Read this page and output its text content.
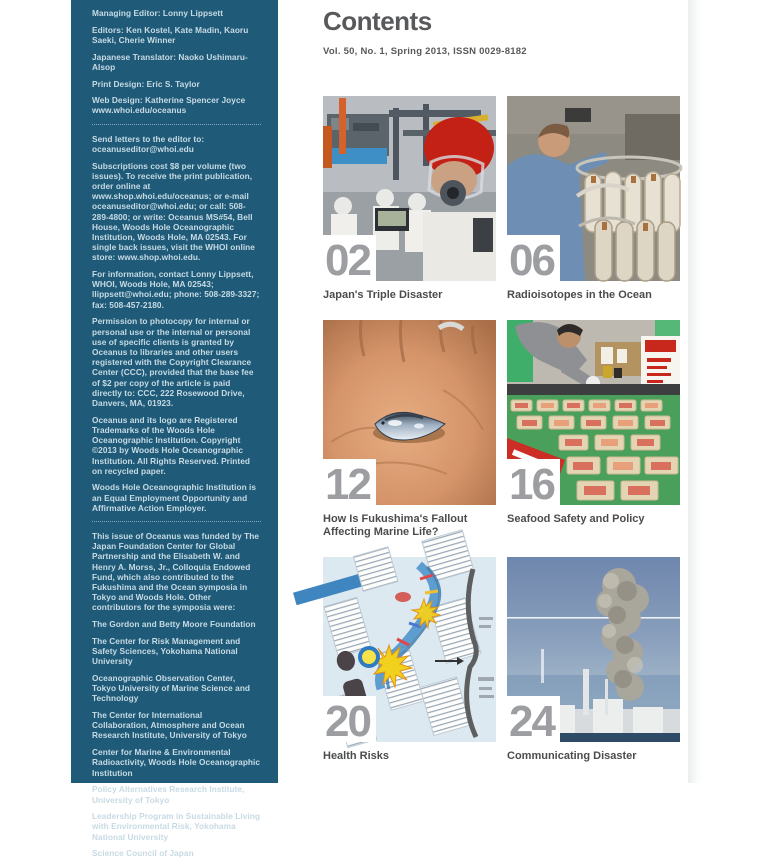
Managing Editor: Lonny Lippsett

Editors: Ken Kostel, Kate Madin, Kaoru Saeki, Cherie Winner

Japanese Translator: Naoko Ushimaru-Alsop

Print Design: Eric S. Taylor

Web Design: Katherine Spencer Joyce www.whoi.edu/oceanus

Send letters to the editor to: oceanuseditor@whoi.edu

Subscriptions cost $8 per volume (two issues). To receive the print publication, order online at www.shop.whoi.edu/oceanus; or e-mail oceanuseditor@whoi.edu; or call: 508-289-4800; or write: Oceanus MS#54, Bell House, Woods Hole Oceanographic Institution, Woods Hole, MA 02543. For single back issues, visit the WHOI online store: www.shop.whoi.edu.

For information, contact Lonny Lippsett, WHOI, Woods Hole, MA 02543; llippsett@whoi.edu; phone: 508-289-3327; fax: 508-457-2180.

Permission to photocopy for internal or personal use or the internal or personal use of specific clients is granted by Oceanus to libraries and other users registered with the Copyright Clearance Center (CCC), provided that the base fee of $2 per copy of the article is paid directly to: CCC, 222 Rosewood Drive, Danvers, MA, 01923.

Oceanus and its logo are Registered Trademarks of the Woods Hole Oceanographic Institution. Copyright ©2013 by Woods Hole Oceanographic Institution. All Rights Reserved. Printed on recycled paper.

Woods Hole Oceanographic Institution is an Equal Employment Opportunity and Affirmative Action Employer.

This issue of Oceanus was funded by The Japan Foundation Center for Global Partnership and the Elisabeth W. and Henry A. Morss, Jr., Colloquia Endowed Fund, which also contributed to the Fukushima and the Ocean symposia in Tokyo and Woods Hole. Other contributors for the symposia were:

The Gordon and Betty Moore Foundation

The Center for Risk Management and Safety Sciences, Yokohama National University

Oceanographic Observation Center, Tokyo University of Marine Science and Technology

The Center for International Collaboration, Atmosphere and Ocean Research Institute, University of Tokyo

Center for Marine & Environmental Radioactivity, Woods Hole Oceanographic Institution

Policy Alternatives Research Institute, University of Tokyo

Leadership Program in Sustainable Living with Environmental Risk, Yokohama National University

Science Council of Japan

Contents
Vol. 50, No. 1, Spring 2013, ISSN 0029-8182
02
Japan's Triple Disaster
06
Radioisotopes in the Ocean
12
How Is Fukushima's Fallout Affecting Marine Life?
16
Seafood Safety and Policy
20
Health Risks
24
Communicating Disaster
